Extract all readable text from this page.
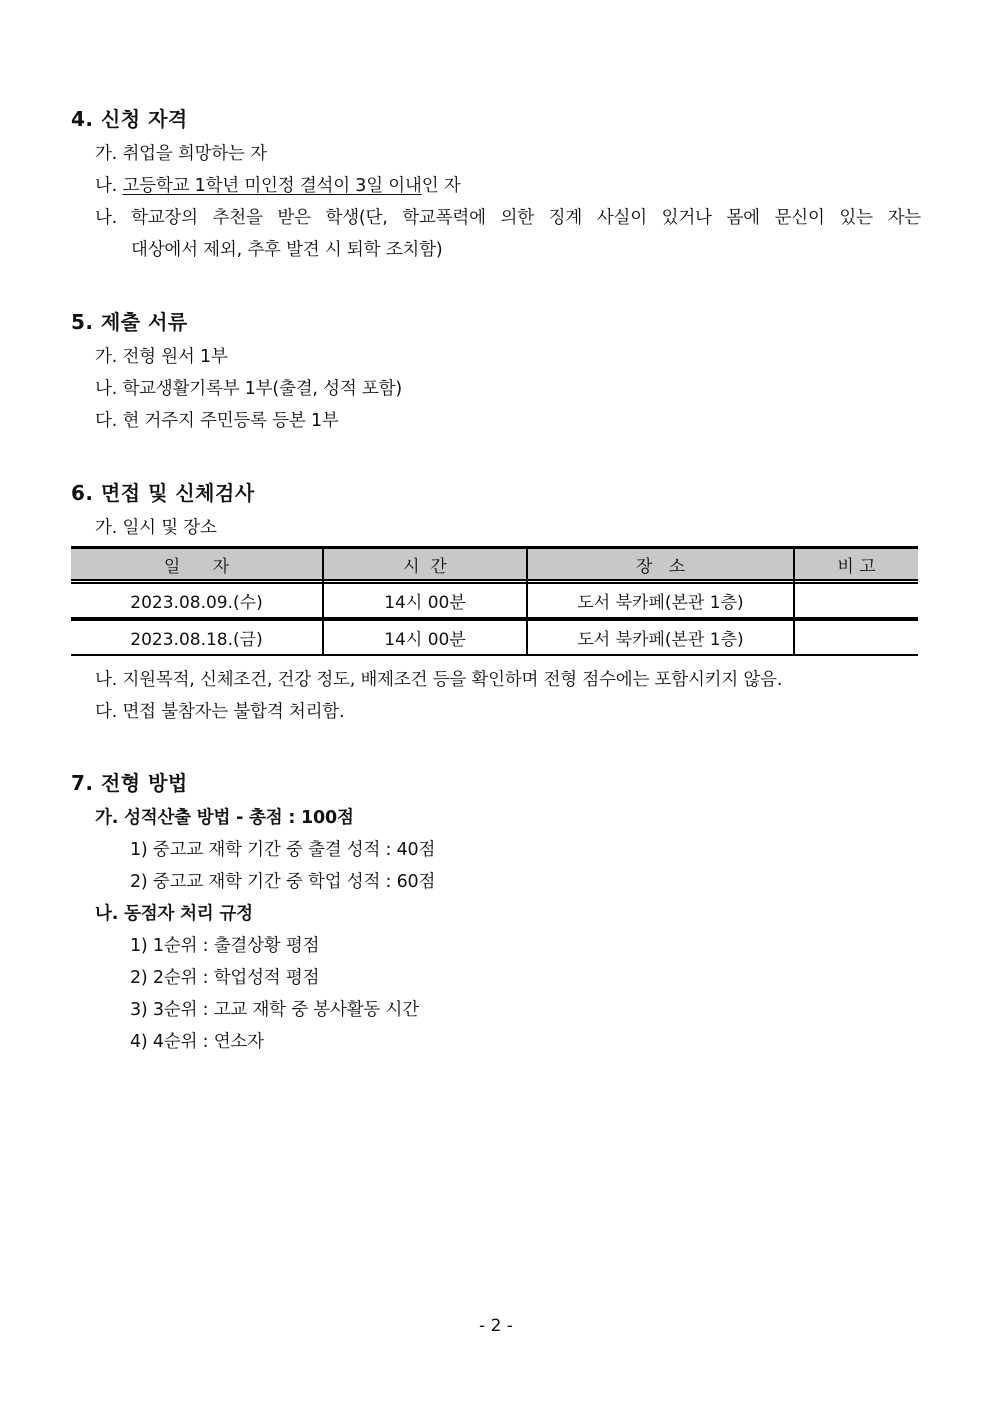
4. 신청 자격
가. 취업을 희망하는 자
나. 고등학교 1학년 미인정 결석이 3일 이내인 자
나. 학교장의 추천을 받은 학생(단, 학교폭력에 의한 징계 사실이 있거나 몸에 문신이 있는 자는
대상에서 제외, 추후 발견 시 퇴학 조치함)
5. 제출 서류
가. 전형 원서 1부
나. 학교생활기록부 1부(출결, 성적 포함)
다. 현 거주지 주민등록 등본 1부
6. 면접 및 신체검사
가. 일시 및 장소
일      자	시  간	장   소	비 고
2023.08.09.(수)	14시 00분	도서 북카페(본관 1층)
2023.08.18.(금)	14시 00분	도서 북카페(본관 1층)
나. 지원목적, 신체조건, 건강 정도, 배제조건 등을 확인하며 전형 점수에는 포함시키지 않음.
다. 면접 불참자는 불합격 처리함.
7. 전형 방법
가. 성적산출 방법 - 총점 : 100점
1) 중고교 재학 기간 중 출결 성적 : 40점
2) 중고교 재학 기간 중 학업 성적 : 60점
나. 동점자 처리 규정
1) 1순위 : 출결상황 평점
2) 2순위 : 학업성적 평점
3) 3순위 : 고교 재학 중 봉사활동 시간
4) 4순위 : 연소자
- 2 -
